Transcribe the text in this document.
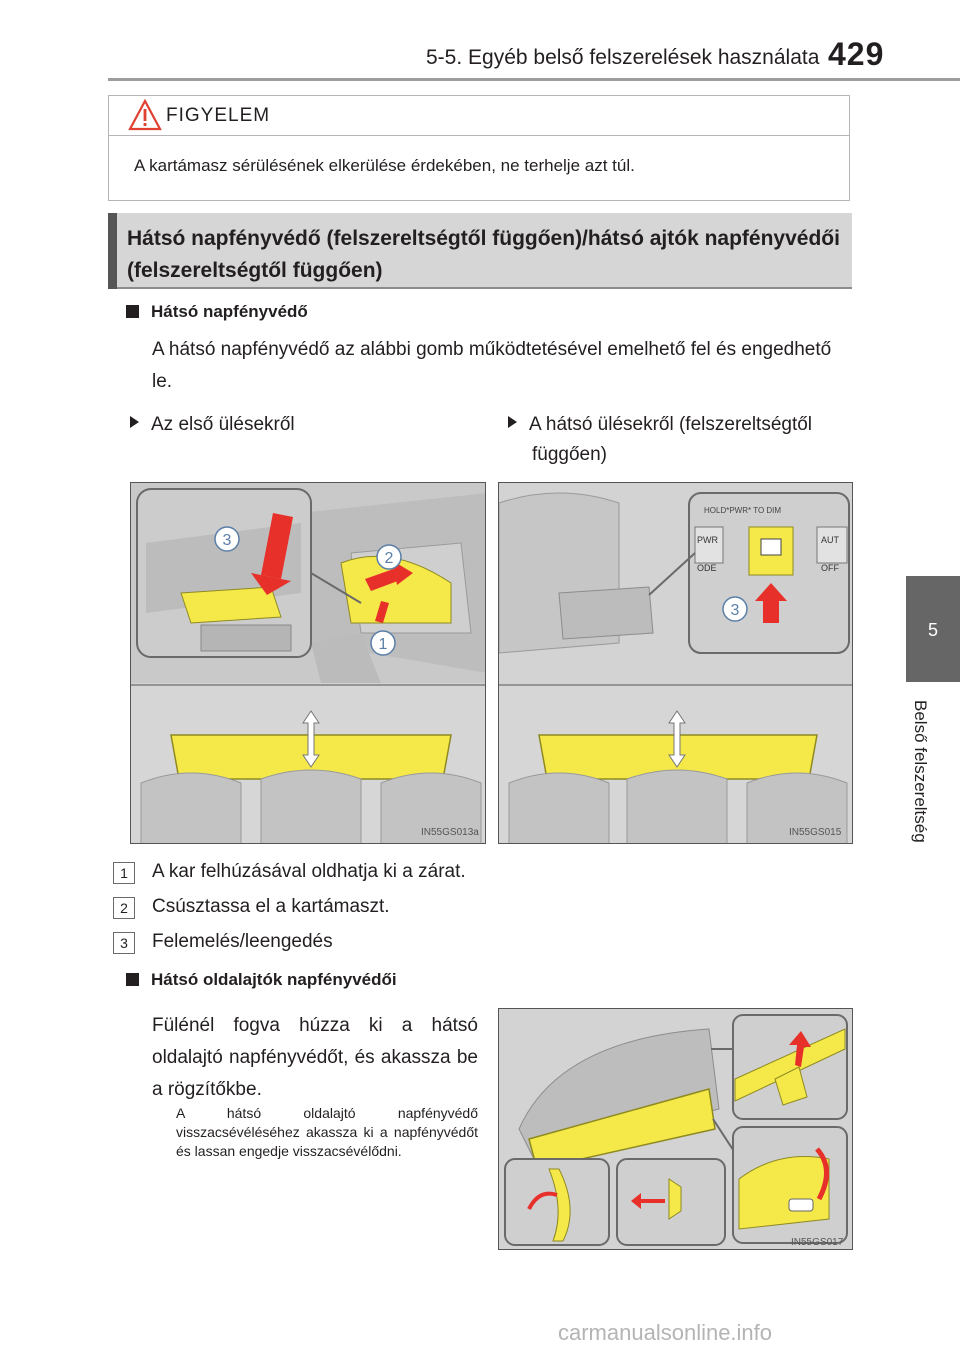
5-5. Egyéb belső felszerelések használata 429
5
Belső felszereltség
FIGYELEM
A kartámasz sérülésének elkerülése érdekében, ne terhelje azt túl.
Hátsó napfényvédő (felszereltségtől függően)/hátsó ajtók napfényvédői (felszereltségtől függően)
Hátsó napfényvédő
A hátsó napfényvédő az alábbi gomb működtetésével emelhető fel és engedhető le.
Az első ülésekről	A hátsó ülésekről (felszereltségtől függően)
3
2
1
IN55GS013a
HOLD*PWR* TO DIM
PWR
ODE
AUT
OFF
3
IN55GS015
1	A kar felhúzásával oldhatja ki a zárat.
2	Csúsztassa el a kartámaszt.
3	Felemelés/leengedés
Hátsó oldalajtók napfényvédői
Fülénél fogva húzza ki a hátsó oldalajtó napfényvédőt, és akassza be a rögzítőkbe.
A hátsó oldalajtó napfényvédő visszacsévéléséhez akassza ki a napfényvédőt és lassan engedje visszacsévélődni.
IN55GS017
carmanualsonline.info
